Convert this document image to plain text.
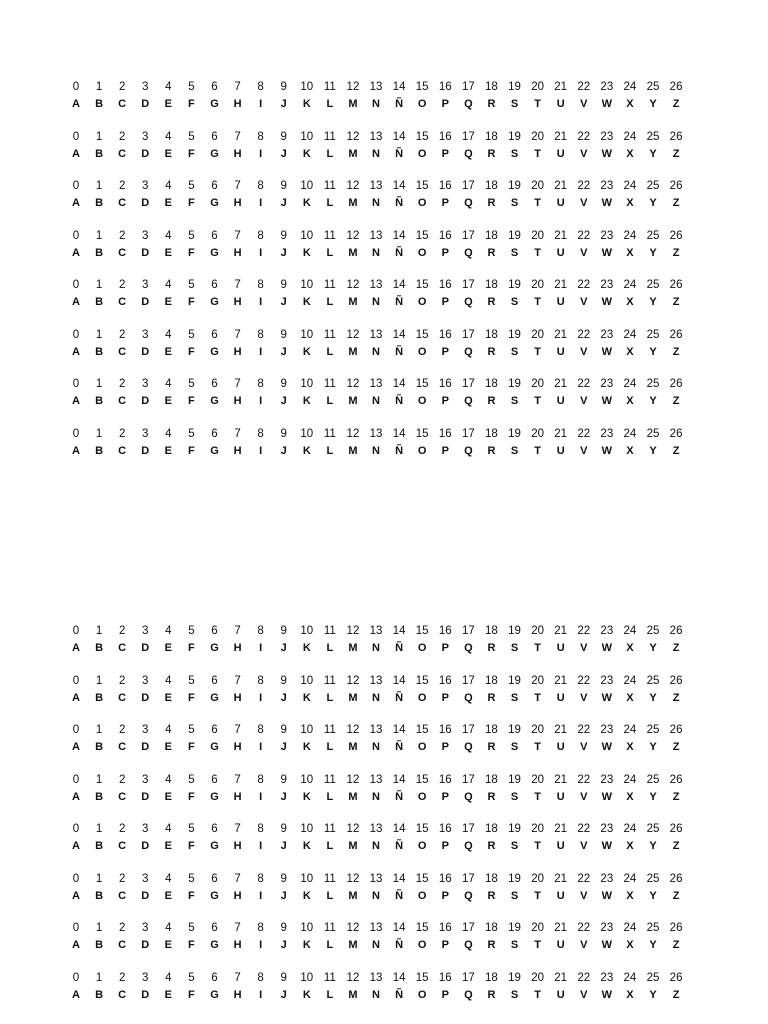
0	1	2	3	4	5	6	7	8	9	10 11 12 13 14 15 16 17 18 19 20 21 22 23 24 25 26
A	B	C	D	E	F	G	H	I	J	K	L	M	N	Ñ	O	P	Q	R	S	T	U	V	W	X	Y	Z
0	1	2	3	4	5	6	7	8	9	10 11 12 13 14 15 16 17 18 19 20 21 22 23 24 25 26
A	B	C	D	E	F	G	H	I	J	K	L	M	N	Ñ	O	P	Q	R	S	T	U	V	W	X	Y	Z
0	1	2	3	4	5	6	7	8	9	10 11 12 13 14 15 16 17 18 19 20 21 22 23 24 25 26
A	B	C	D	E	F	G	H	I	J	K	L	M	N	Ñ	O	P	Q	R	S	T	U	V	W	X	Y	Z
0	1	2	3	4	5	6	7	8	9	10 11 12 13 14 15 16 17 18 19 20 21 22 23 24 25 26
A	B	C	D	E	F	G	H	I	J	K	L	M	N	Ñ	O	P	Q	R	S	T	U	V	W	X	Y	Z
0	1	2	3	4	5	6	7	8	9	10 11 12 13 14 15 16 17 18 19 20 21 22 23 24 25 26
A	B	C	D	E	F	G	H	I	J	K	L	M	N	Ñ	O	P	Q	R	S	T	U	V	W	X	Y	Z
0	1	2	3	4	5	6	7	8	9	10 11 12 13 14 15 16 17 18 19 20 21 22 23 24 25 26
A	B	C	D	E	F	G	H	I	J	K	L	M	N	Ñ	O	P	Q	R	S	T	U	V	W	X	Y	Z
0	1	2	3	4	5	6	7	8	9	10 11 12 13 14 15 16 17 18 19 20 21 22 23 24 25 26
A	B	C	D	E	F	G	H	I	J	K	L	M	N	Ñ	O	P	Q	R	S	T	U	V	W	X	Y	Z
0	1	2	3	4	5	6	7	8	9	10 11 12 13 14 15 16 17 18 19 20 21 22 23 24 25 26
A	B	C	D	E	F	G	H	I	J	K	L	M	N	Ñ	O	P	Q	R	S	T	U	V	W	X	Y	Z
0	1	2	3	4	5	6	7	8	9	10 11 12 13 14 15 16 17 18 19 20 21 22 23 24 25 26
A	B	C	D	E	F	G	H	I	J	K	L	M	N	Ñ	O	P	Q	R	S	T	U	V	W	X	Y	Z
0	1	2	3	4	5	6	7	8	9	10 11 12 13 14 15 16 17 18 19 20 21 22 23 24 25 26
A	B	C	D	E	F	G	H	I	J	K	L	M	N	Ñ	O	P	Q	R	S	T	U	V	W	X	Y	Z
0	1	2	3	4	5	6	7	8	9	10 11 12 13 14 15 16 17 18 19 20 21 22 23 24 25 26
A	B	C	D	E	F	G	H	I	J	K	L	M	N	Ñ	O	P	Q	R	S	T	U	V	W	X	Y	Z
0	1	2	3	4	5	6	7	8	9	10 11 12 13 14 15 16 17 18 19 20 21 22 23 24 25 26
A	B	C	D	E	F	G	H	I	J	K	L	M	N	Ñ	O	P	Q	R	S	T	U	V	W	X	Y	Z
0	1	2	3	4	5	6	7	8	9	10 11 12 13 14 15 16 17 18 19 20 21 22 23 24 25 26
A	B	C	D	E	F	G	H	I	J	K	L	M	N	Ñ	O	P	Q	R	S	T	U	V	W	X	Y	Z
0	1	2	3	4	5	6	7	8	9	10 11 12 13 14 15 16 17 18 19 20 21 22 23 24 25 26
A	B	C	D	E	F	G	H	I	J	K	L	M	N	Ñ	O	P	Q	R	S	T	U	V	W	X	Y	Z
0	1	2	3	4	5	6	7	8	9	10 11 12 13 14 15 16 17 18 19 20 21 22 23 24 25 26
A	B	C	D	E	F	G	H	I	J	K	L	M	N	Ñ	O	P	Q	R	S	T	U	V	W	X	Y	Z
0	1	2	3	4	5	6	7	8	9	10 11 12 13 14 15 16 17 18 19 20 21 22 23 24 25 26
A	B	C	D	E	F	G	H	I	J	K	L	M	N	Ñ	O	P	Q	R	S	T	U	V	W	X	Y	Z
